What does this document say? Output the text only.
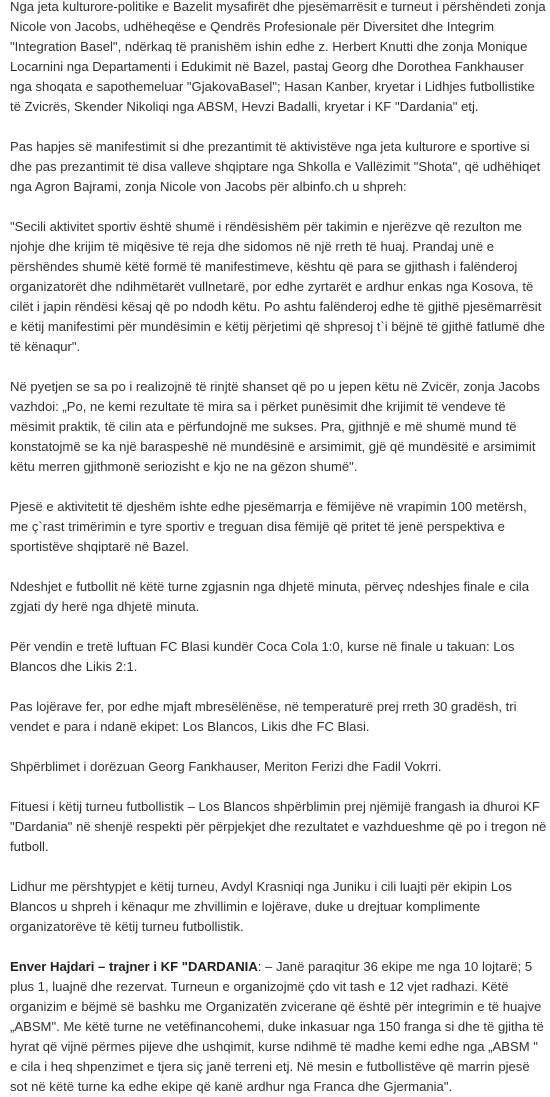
Nga jeta kulturore-politike e Bazelit mysafirët dhe pjesëmarrësit e turneut i përshëndeti zonja Nicole von Jacobs, udhëheqëse e Qendrës Profesionale për Diversitet dhe Integrim "Integration Basel", ndërkaq të pranishëm ishin edhe z. Herbert Knutti dhe zonja Monique Locarnini nga Departamenti i Edukimit në Bazel, pastaj Georg dhe Dorothea Fankhauser nga shoqata e sapothemeluar "GjakovaBasel"; Hasan Kanber, kryetar i Lidhjes futbollistike të Zvicrës, Skender Nikoliqi nga ABSM, Hevzi Badalli, kryetar i KF "Dardania" etj.

Pas hapjes së manifestimit si dhe prezantimit të aktivistëve nga jeta kulturore e sportive si dhe pas prezantimit të disa valleve shqiptare nga Shkolla e Vallëzimit "Shota", që udhëhiqet nga Agron Bajrami, zonja Nicole von Jacobs për albinfo.ch u shpreh:

"Secili aktivitet sportiv është shumë i rëndësishëm për takimin e njerëzve që rezulton me njohje dhe krijim të miqësive të reja dhe sidomos në një rreth të huaj. Prandaj unë e përshëndes shumë këtë formë të manifestimeve, kështu që para se gjithash i falënderoj organizatorët dhe ndihmëtarët vullnetarë, por edhe zyrtarët e ardhur enkas nga Kosova, të cilët i japin rëndësi kësaj që po ndodh këtu. Po ashtu falënderoj edhe të gjithë pjesëmarrësit e këtij manifestimi për mundësimin e këtij përjetimi që shpresoj t`i bëjnë të gjithë fatlumë dhe të kënaqur".

Në pyetjen se sa po i realizojnë të rinjtë shanset që po u jepen këtu në Zvicër, zonja Jacobs vazhdoi: „Po, ne kemi rezultate të mira sa i përket punësimit dhe krijimit të vendeve të mësimit praktik, të cilin ata e përfundojnë me sukses. Pra, gjithnjë e më shumë mund të konstatojmë se ka një baraspeshë në mundësinë e arsimimit, gjë që mundësitë e arsimimit këtu merren gjithmonë seriozisht e kjo ne na gëzon shumë".

Pjesë e aktivitetit të djeshëm ishte edhe pjesëmarrja e fëmijëve në vrapimin 100 metërsh, me ç`rast trimërimin e tyre sportiv e treguan disa fëmijë që pritet të jenë perspektiva e sportistëve shqiptarë në Bazel.

Ndeshjet e futbollit në këtë turne zgjasnin nga dhjetë minuta, përveç ndeshjes finale e cila zgjati dy herë nga dhjetë minuta.

Për vendin e tretë luftuan FC Blasi kundër Coca Cola 1:0, kurse në finale u takuan: Los Blancos dhe Likis 2:1.

Pas lojërave fer, por edhe mjaft mbresëlënëse, në temperaturë prej rreth 30 gradësh, tri vendet e para i ndanë ekipet: Los Blancos, Likis dhe FC Blasi.

Shpërblimet i dorëzuan Georg Fankhauser, Meriton Ferizi dhe Fadil Vokrri.

Fituesi i këtij turneu futbollistik – Los Blancos shpërblimin prej njëmijë frangash ia dhuroi KF "Dardania" në shenjë respekti për përpjekjet dhe rezultatet e vazhdueshme që po i tregon në futboll.

Lidhur me përshtypjet e këtij turneu, Avdyl Krasniqi nga Juniku i cili luajti për ekipin Los Blancos u shpreh i kënaqur me zhvillimin e lojërave, duke u drejtuar komplimente organizatorëve të këtij turneu futbollistik.

Enver Hajdari – trajner i KF "DARDANIA: – Janë paraqitur 36 ekipe me nga 10 lojtarë; 5 plus 1, luajnë dhe rezervat. Turneun e organizojmë çdo vit tash e 12 vjet radhazi. Këtë organizim e bëjmë së bashku me Organizatën zvicerane që është për integrimin e të huajve „ABSM". Me këtë turne ne vetëfinancohemi, duke inkasuar nga 150 franga si dhe të gjitha të hyrat që vijnë përmes pijeve dhe ushqimit, kurse ndihmë të madhe kemi edhe nga „ABSM " e cila i heq shpenzimet e tjera siç janë terreni etj. Në mesin e futbollistëve që marrin pjesë sot në këtë turne ka edhe ekipe që kanë ardhur nga Franca dhe Gjermania".
